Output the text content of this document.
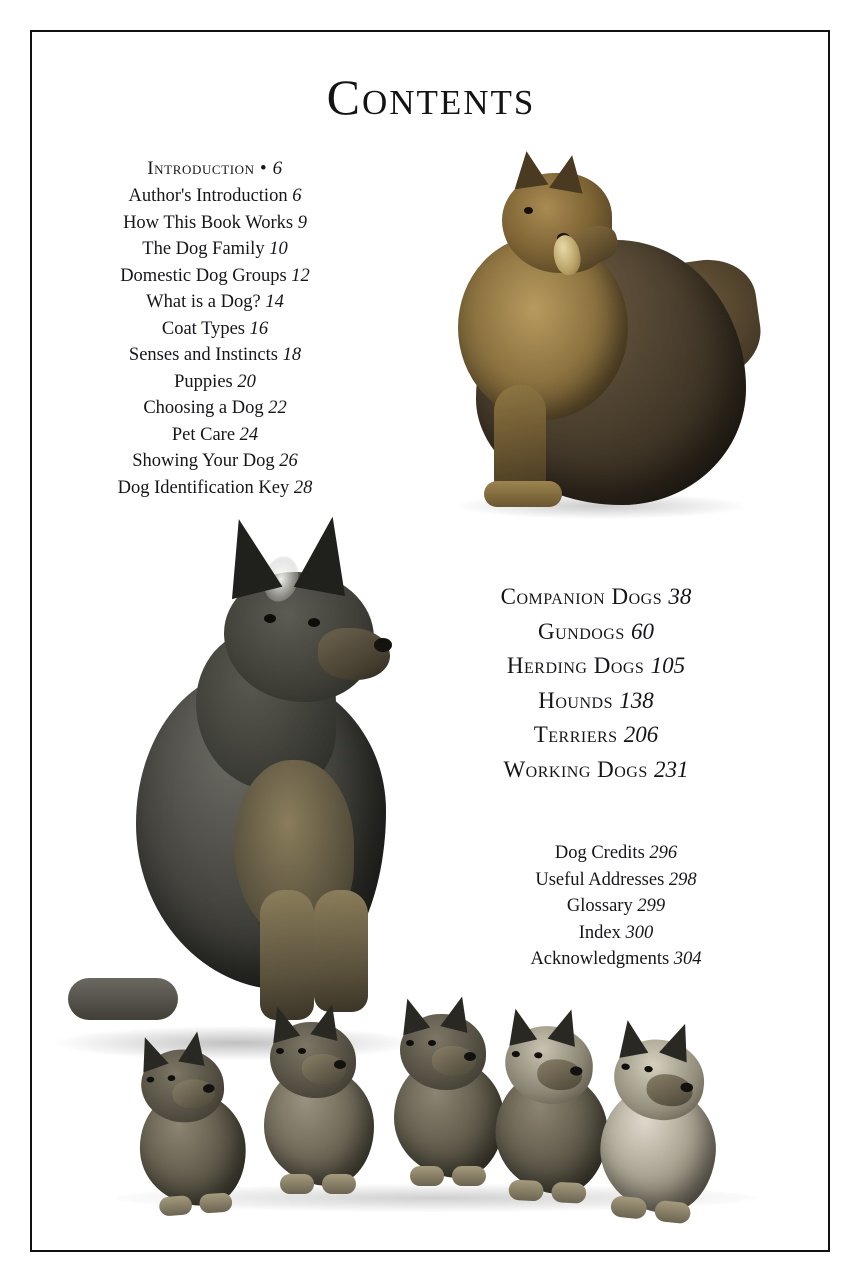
Contents
Introduction • 6
Author's Introduction 6
How This Book Works 9
The Dog Family 10
Domestic Dog Groups 12
What is a Dog? 14
Coat Types 16
Senses and Instincts 18
Puppies 20
Choosing a Dog 22
Pet Care 24
Showing Your Dog 26
Dog Identification Key 28
Companion Dogs 38
Gundogs 60
Herding Dogs 105
Hounds 138
Terriers 206
Working Dogs 231
Dog Credits 296
Useful Addresses 298
Glossary 299
Index 300
Acknowledgments 304
